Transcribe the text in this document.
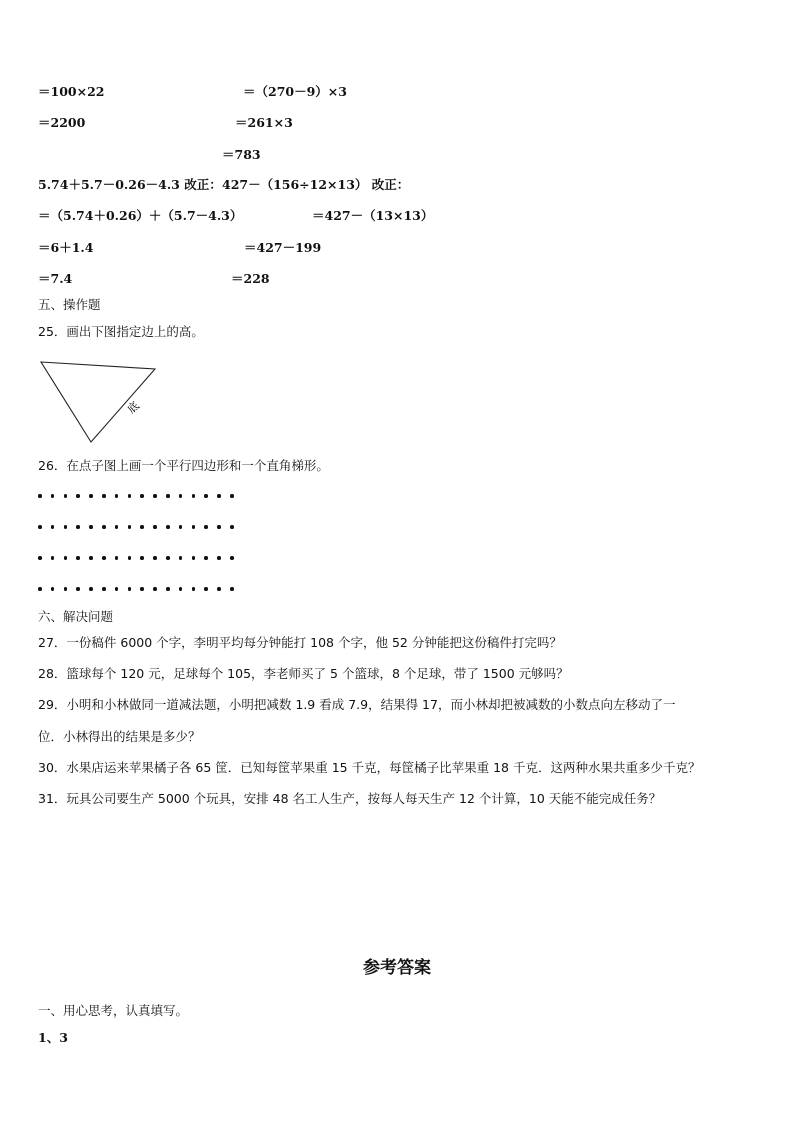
＝100×22	＝（270－9）×3
＝2200	＝261×3
＝783
5.74＋5.7－0.26－4.3 改正： 427－（156÷12×13） 改正：
＝（5.74＋0.26）＋（5.7－4.3）	＝427－（13×13）
＝6＋1.4	＝427－199
＝7.4	＝228
五、操作题
25．画出下图指定边上的高。
底
26．在点子图上画一个平行四边形和一个直角梯形。
六、解决问题
27．一份稿件 6000 个字，李明平均每分钟能打 108 个字，他 52 分钟能把这份稿件打完吗？
28．篮球每个 120 元，足球每个 105，李老师买了 5 个篮球，8 个足球，带了 1500 元够吗？
29．小明和小林做同一道减法题，小明把减数 1.9 看成 7.9，结果得 17，而小林却把被减数的小数点向左移动了一
位．小林得出的结果是多少？
30．水果店运来苹果橘子各 65 筐．已知每筐苹果重 15 千克，每筐橘子比苹果重 18 千克．这两种水果共重多少千克？
31．玩具公司要生产 5000 个玩具，安排 48 名工人生产，按每人每天生产 12 个计算，10 天能不能完成任务？
参考答案
一、用心思考，认真填写。
1、3
